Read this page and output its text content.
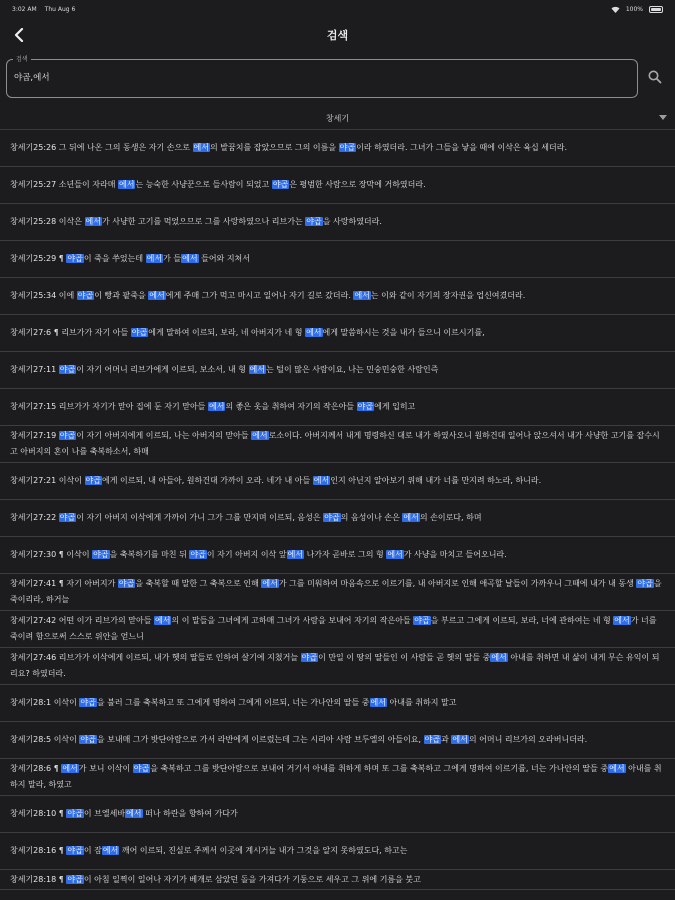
3:02 AM Thu Aug 6	100%
검색
검색
야곱,에서
창세기
창세기25:26 그 뒤에 나온 그의 동생은 자기 손으로 에서의 발꿈치를 잡았으므로 그의 이름을 야곱이라 하였더라. 그녀가 그들을 낳을 때에 이삭은 육십 세더라.
창세기25:27 소년들이 자라매 에서는 능숙한 사냥꾼으로 들사람이 되었고 야곱은 평범한 사람으로 장막에 거하였더라.
창세기25:28 이삭은 에서가 사냥한 고기를 먹었으므로 그를 사랑하였으나 리브가는 야곱을 사랑하였더라.
창세기25:29 ¶ 야곱이 죽을 쑤었는데 에서가 들에서 들어와 지쳐서
창세기25:34 이에 야곱이 빵과 팥죽을 에서에게 주매 그가 먹고 마시고 일어나 자기 길로 갔더라. 에서는 이와 같이 자기의 장자권을 업신여겼더라.
창세기27:6 ¶ 리브가가 자기 아들 야곱에게 말하여 이르되, 보라, 네 아버지가 네 형 에서에게 말씀하시는 것을 내가 들으니 이르시기를,
창세기27:11 야곱이 자기 어머니 리브가에게 이르되, 보소서, 내 형 에서는 털이 많은 사람이요, 나는 민숭민숭한 사람인즉
창세기27:15 리브가가 자기가 맏아 집에 둔 자기 맏아들 에서의 좋은 옷을 취하여 자기의 작은아들 야곱에게 입히고
창세기27:19 야곱이 자기 아버지에게 이르되, 나는 아버지의 맏아들 에서로소이다. 아버지께서 내게 명령하신 대로 내가 하였사오니 원하건대 일어나 앉으셔서 내가 사냥한 고기를 잡수시고 아버지의 혼이 나를 축복하소서, 하매
창세기27:21 이삭이 야곱에게 이르되, 내 아들아, 원하건대 가까이 오라. 네가 내 아들 에서인지 아닌지 알아보기 위해 내가 너를 만지려 하노라, 하니라.
창세기27:22 야곱이 자기 아버지 이삭에게 가까이 가니 그가 그를 만지며 이르되, 음성은 야곱의 음성이나 손은 에서의 손이로다, 하며
창세기27:30 ¶ 이삭이 야곱을 축복하기를 마친 뒤 야곱이 자기 아버지 이삭 앞에서 나가자 곧바로 그의 형 에서가 사냥을 마치고 들어오니라.
창세기27:41 ¶ 자기 아버지가 야곱을 축복할 때 말한 그 축복으로 인해 에서가 그를 미워하여 마음속으로 이르기를, 내 아버지로 인해 애곡할 날들이 가까우니 그때에 내가 내 동생 야곱을 죽이리라, 하거늘
창세기27:42 어떤 이가 리브가의 맏아들 에서의 이 말들을 그녀에게 고하매 그녀가 사람을 보내어 자기의 작은아들 야곱을 부르고 그에게 이르되, 보라, 너에 관하여는 네 형 에서가 너를 죽이려 함으로써 스스로 위안을 얻느니
창세기27:46 리브가가 이삭에게 이르되, 내가 헷의 딸들로 인하여 살기에 지쳤거늘 야곱이 만일 이 땅의 딸들인 이 사람들 곧 헷의 딸들 중에서 아내를 취하면 내 삶이 내게 무슨 유익이 되리요? 하였더라.
창세기28:1 이삭이 야곱을 불러 그를 축복하고 또 그에게 명하여 그에게 이르되, 너는 가나안의 딸들 중에서 아내를 취하지 말고
창세기28:5 이삭이 야곱을 보내매 그가 밧단아람으로 가서 라반에게 이르렀는데 그는 시리아 사람 브두엘의 아들이요, 야곱과 에서의 어머니 리브가의 오라버니더라.
창세기28:6 ¶ 에서가 보니 이삭이 야곱을 축복하고 그를 밧단아람으로 보내어 거기서 아내를 취하게 하며 또 그를 축복하고 그에게 명하여 이르기를, 너는 가나안의 딸들 중에서 아내를 취하지 말라, 하였고
창세기28:10 ¶ 야곱이 브엘세바에서 떠나 하란을 향하여 가다가
창세기28:16 ¶ 야곱이 잠에서 깨어 이르되, 진실로 주께서 이곳에 계시거늘 내가 그것을 알지 못하였도다, 하고는
창세기28:18 ¶ 야곱이 아침 일찍이 일어나 자기가 베개로 삼았던 돌을 가져다가 기둥으로 세우고 그 위에 기름을 붓고
